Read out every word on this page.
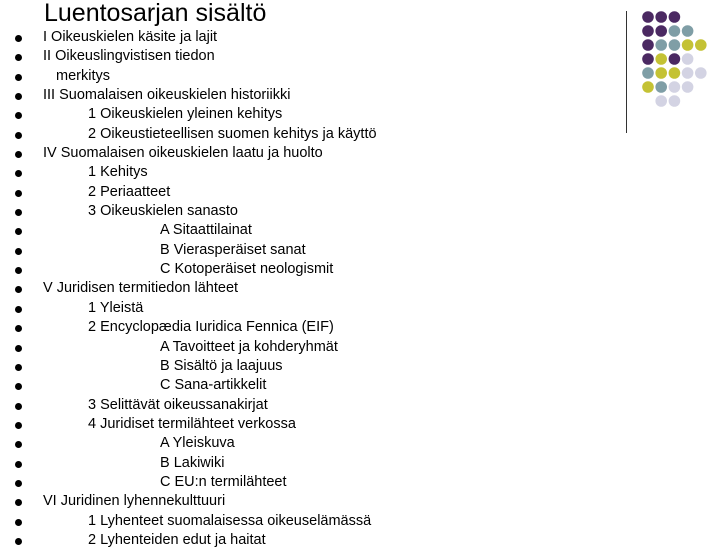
Luentosarjan sisältö
I Oikeuskielen käsite ja lajit
II Oikeuslingvistisen tiedon
merkitys
III Suomalaisen oikeuskielen historiikki
1 Oikeuskielen yleinen kehitys
2 Oikeustieteellisen suomen kehitys ja käyttö
IV Suomalaisen oikeuskielen laatu ja huolto
1 Kehitys
2 Periaatteet
3 Oikeuskielen sanasto
A Sitaattilainat
B Vierasperäiset sanat
C Kotoperäiset neologismit
V Juridisen termitiedon lähteet
1 Yleistä
2 Encyclopædia Iuridica Fennica (EIF)
A Tavoitteet ja kohderyhmät
B Sisältö ja laajuus
C Sana-artikkelit
3 Selittävät oikeussanakirjat
4 Juridiset termilähteet verkossa
A Yleiskuva
B Lakiwiki
C EU:n termilähteet
VI Juridinen lyhennekulttuuri
1 Lyhenteet suomalaisessa oikeuselämässä
2 Lyhenteiden edut ja haitat
